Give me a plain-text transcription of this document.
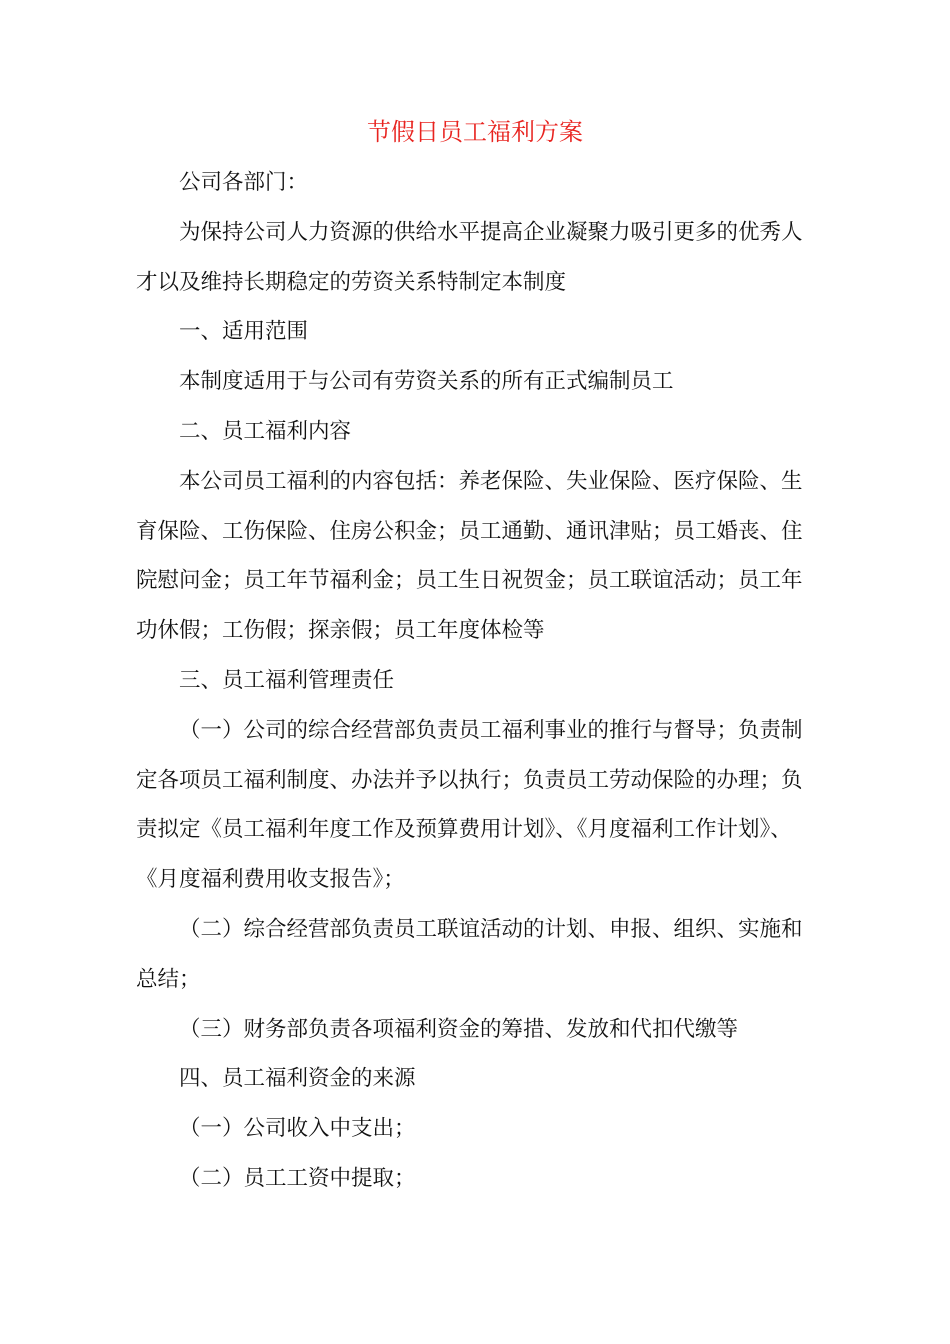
节假日员工福利方案

公司各部门：

为保持公司人力资源的供给水平提高企业凝聚力吸引更多的优秀人才以及维持长期稳定的劳资关系特制定本制度

一、适用范围

本制度适用于与公司有劳资关系的所有正式编制员工

二、员工福利内容

本公司员工福利的内容包括：养老保险、失业保险、医疗保险、生育保险、工伤保险、住房公积金；员工通勤、通讯津贴；员工婚丧、住院慰问金；员工年节福利金；员工生日祝贺金；员工联谊活动；员工年功休假；工伤假；探亲假；员工年度体检等

三、员工福利管理责任

（一）公司的综合经营部负责员工福利事业的推行与督导；负责制定各项员工福利制度、办法并予以执行；负责员工劳动保险的办理；负责拟定《员工福利年度工作及预算费用计划》、《月度福利工作计划》、《月度福利费用收支报告》；

（二）综合经营部负责员工联谊活动的计划、申报、组织、实施和总结；

（三）财务部负责各项福利资金的筹措、发放和代扣代缴等

四、员工福利资金的来源

（一）公司收入中支出；

（二）员工工资中提取；
